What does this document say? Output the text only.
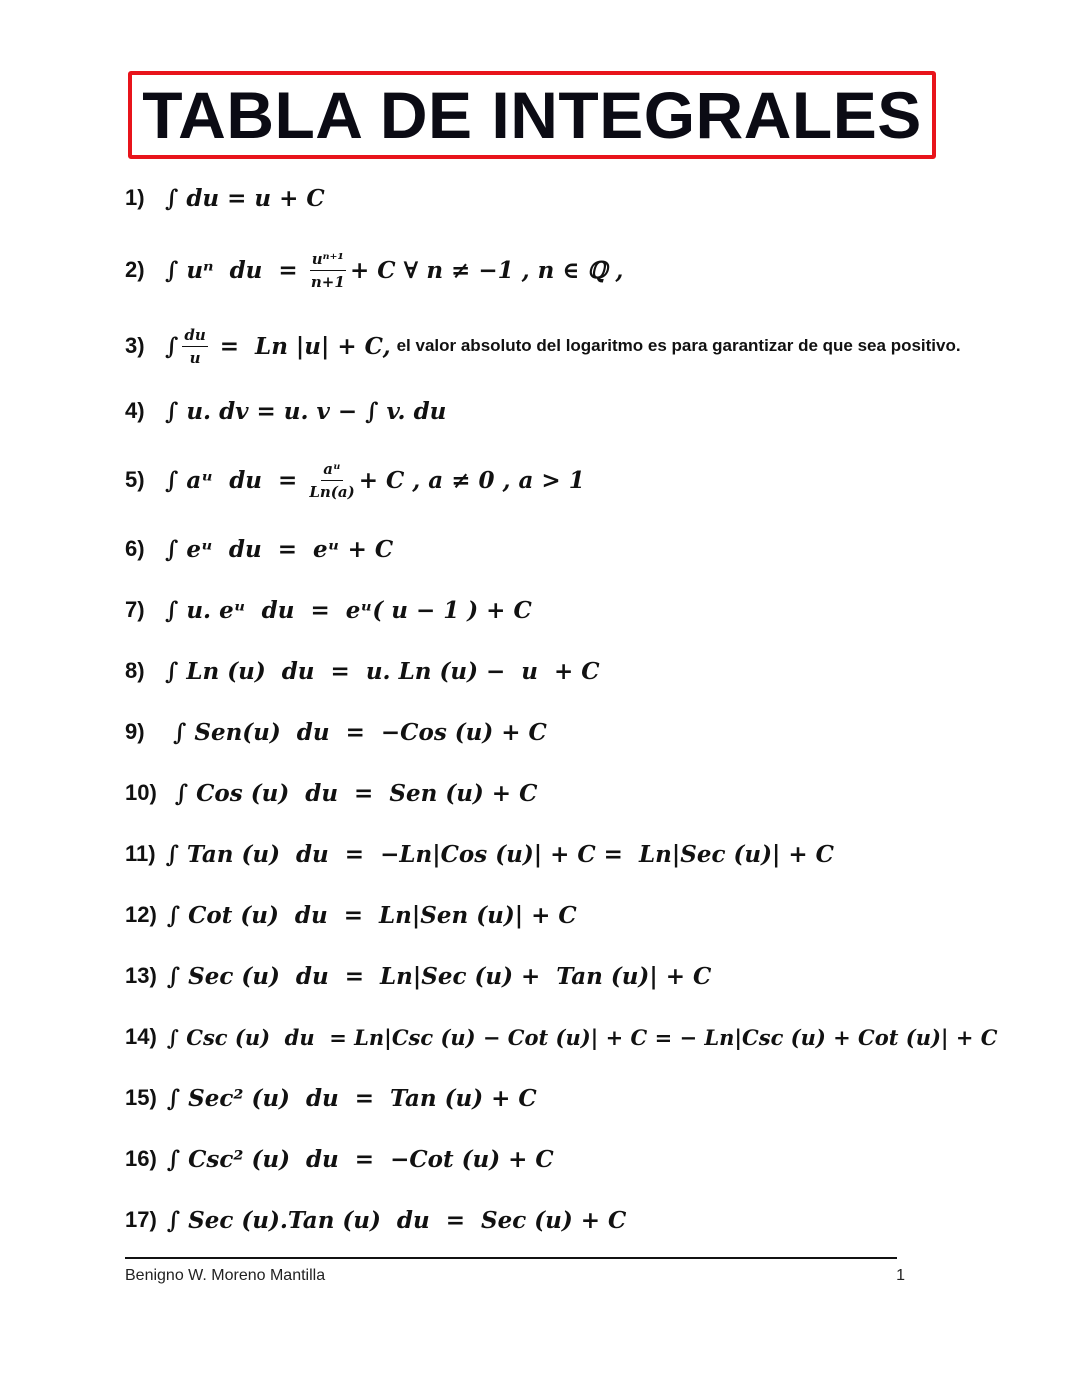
TABLA DE INTEGRALES
1) ∫ du = u + C
2) ∫ uⁿ  du  = $\frac{\text{uⁿ⁺¹}}{n+1} + C$ ∀ n ≠ −1 , n ∈ ℚ ,
3) ∫ $\frac{du}{u} = Ln$ |u| + C, el valor absoluto del logaritmo es para garantizar de que sea positivo.
4) ∫ u. dv = u. v − ∫ v. du
5) ∫ aᵘ  du  = $\frac{\text{aᵘ}}{Ln(a)} + C$ , a ≠ 0 , a > 1
6) ∫ eᵘ  du  =  eᵘ + C
7) ∫ u. eᵘ  du  =  eᵘ( u − 1 ) + C
8) ∫ Ln (u)  du  =  u. Ln (u) −  u  + C
9) ∫ Sen(u)  du  =  −Cos (u) + C
10) ∫ Cos (u)  du  =  Sen (u) + C
11) ∫ Tan (u)  du  =  −Ln|Cos (u)| + C =  Ln|Sec (u)| + C
12) ∫ Cot (u)  du  =  Ln|Sen (u)| + C
13) ∫ Sec (u)  du  =  Ln|Sec (u) +  Tan (u)| + C
14) ∫ Csc (u)  du  = Ln|Csc (u) − Cot (u)| + C = − Ln|Csc (u) + Cot (u)| + C
15) ∫ Sec² (u)  du  =  Tan (u) + C
16) ∫ Csc² (u)  du  =  −Cot (u) + C
17) ∫ Sec (u).Tan (u)  du  =  Sec (u) + C
Benigno W. Moreno Mantilla	1
